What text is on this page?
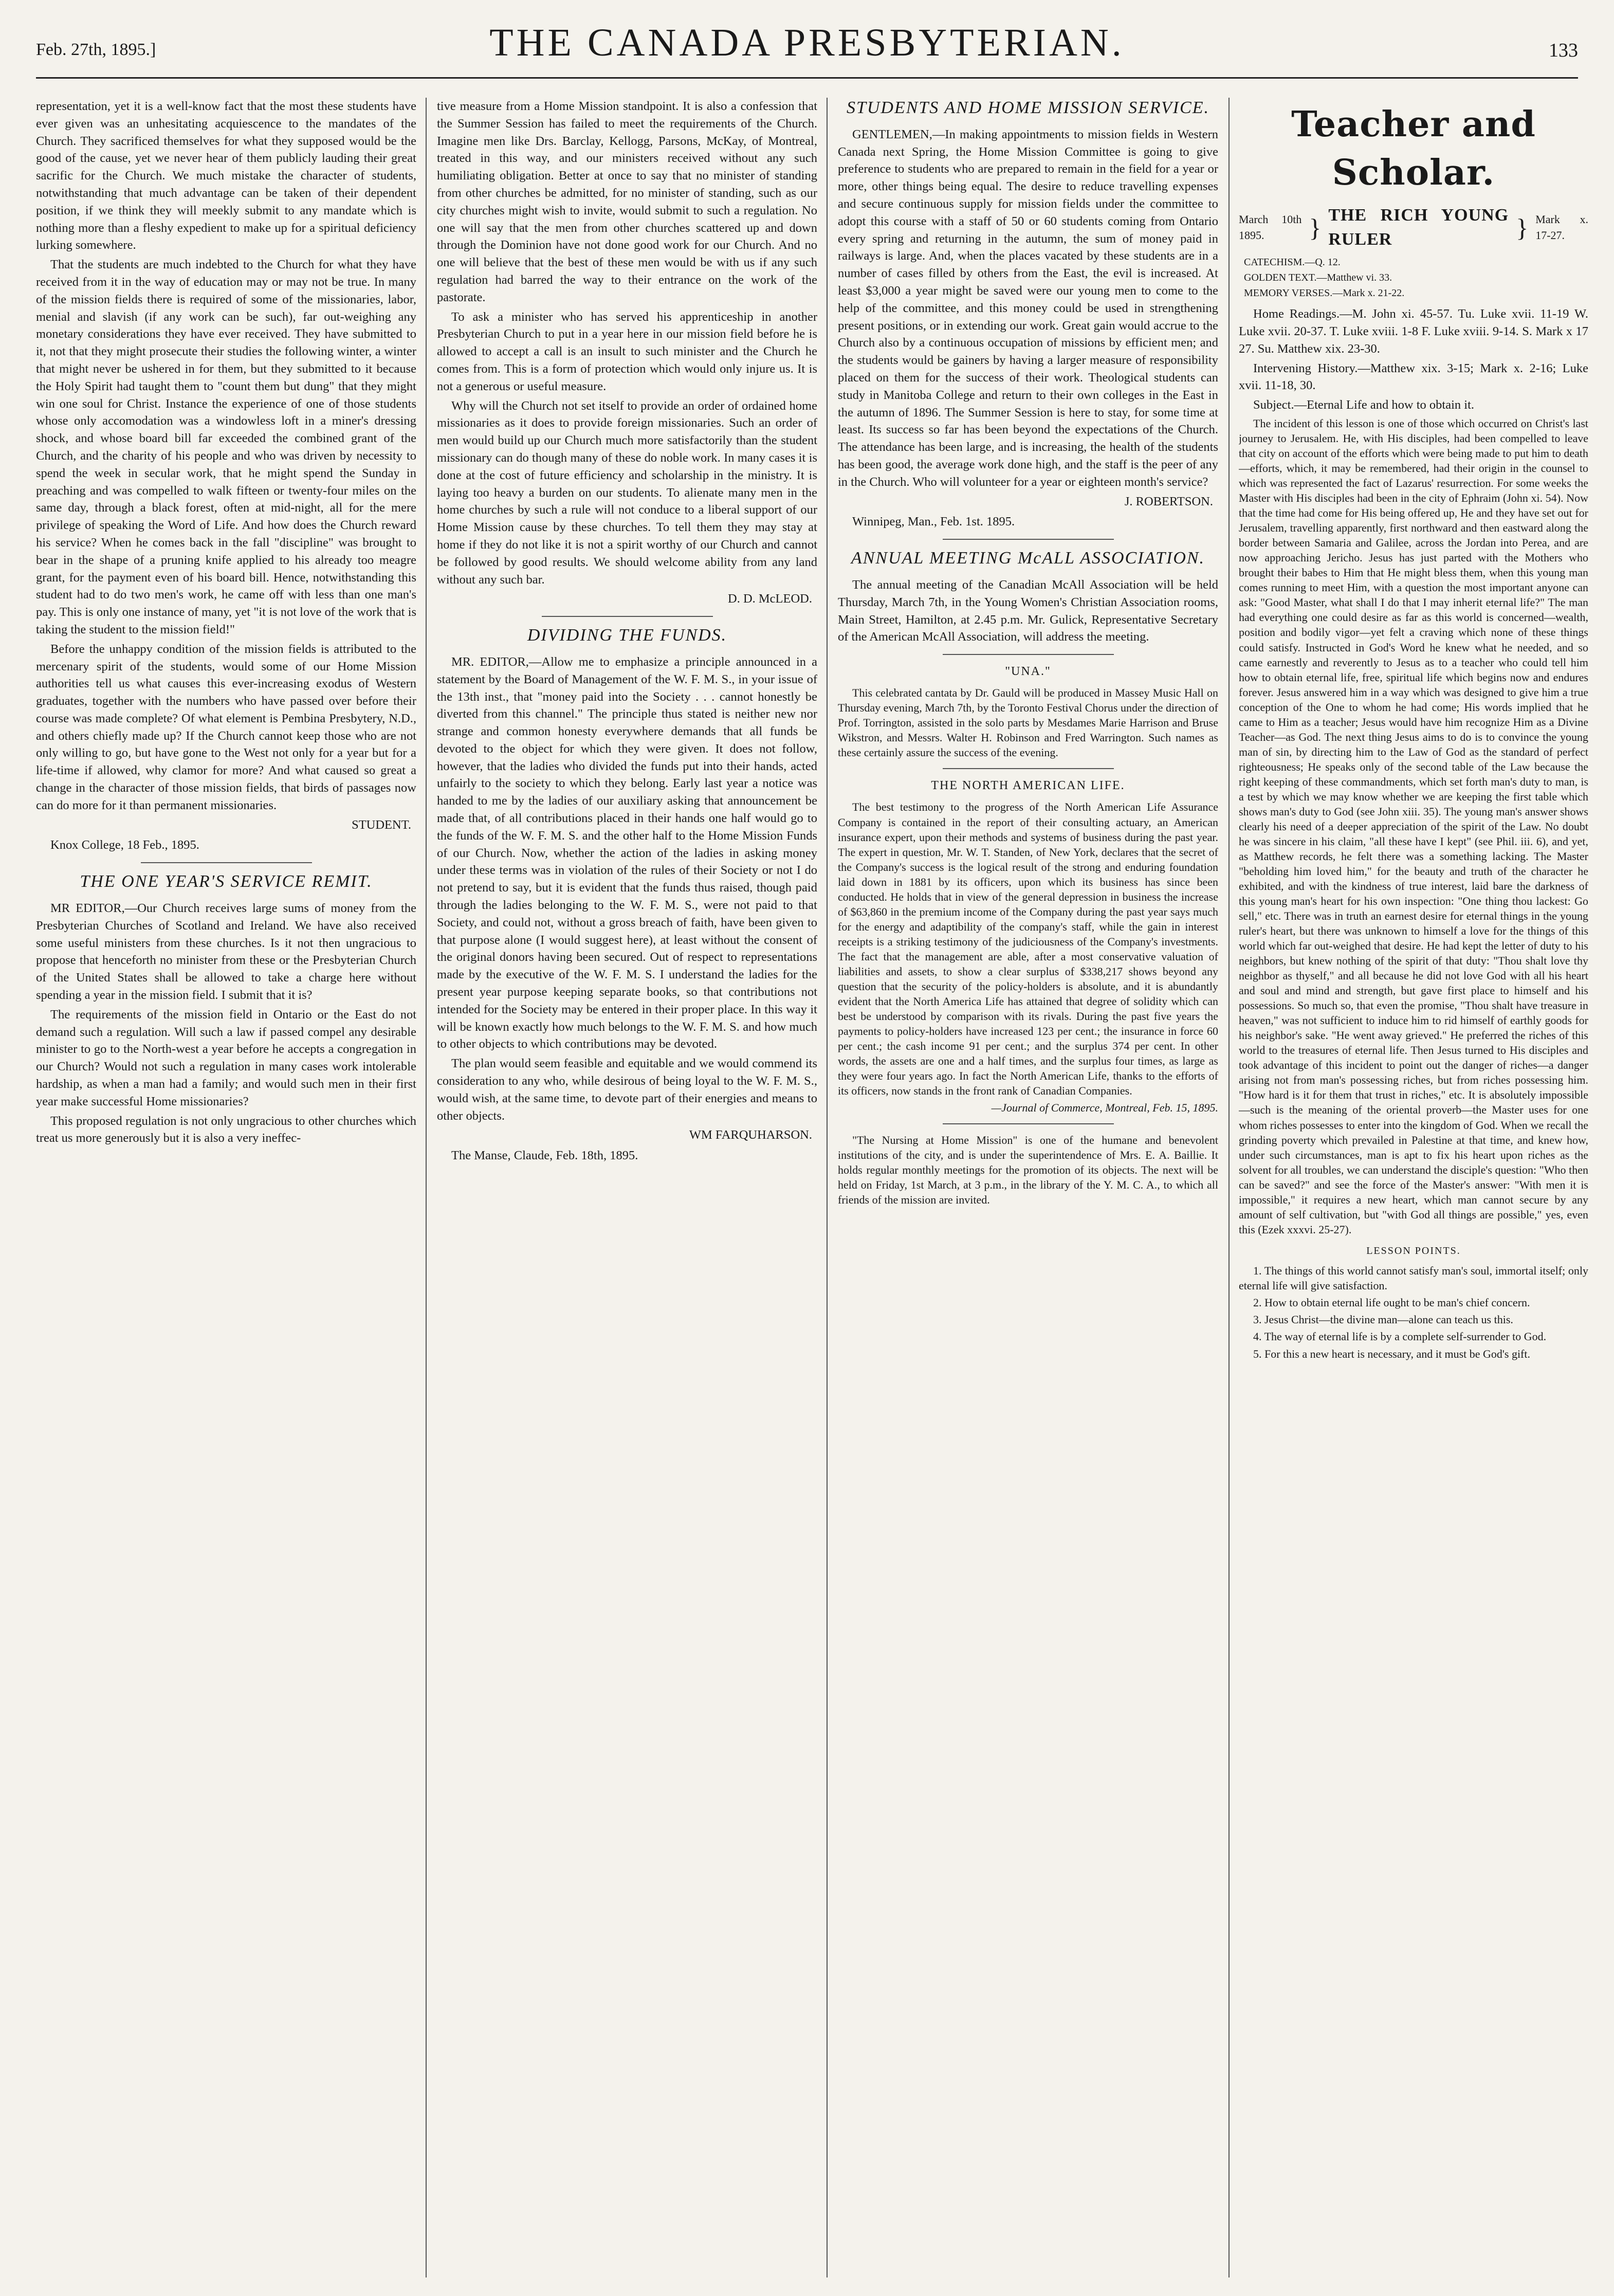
Feb. 27th, 1895.]	THE CANADA PRESBYTERIAN.	133

representation, yet it is a well-know fact that the most these students have ever given was an unhesitating acquiescence to the mandates of the Church. They sacrificed themselves for what they supposed would be the good of the cause, yet we never hear of them publicly lauding their great sacrific for the Church. We much mistake the character of students, notwithstanding that much advantage can be taken of their dependent position, if we think they will meekly submit to any mandate which is nothing more than a fleshy expedient to make up for a spiritual deficiency lurking somewhere.

That the students are much indebted to the Church for what they have received from it in the way of education may or may not be true. In many of the mission fields there is required of some of the missionaries, labor, menial and slavish (if any work can be such), far out-weighing any monetary considerations they have ever received. They have submitted to it, not that they might prosecute their studies the following winter, a winter that might never be ushered in for them, but they submitted to it because the Holy Spirit had taught them to "count them but dung" that they might win one soul for Christ. Instance the experience of one of those students whose only accomodation was a windowless loft in a miner's dressing shock, and whose board bill far exceeded the combined grant of the Church, and the charity of his people and who was driven by necessity to spend the week in secular work, that he might spend the Sunday in preaching and was compelled to walk fifteen or twenty-four miles on the same day, through a black forest, often at mid-night, all for the mere privilege of speaking the Word of Life. And how does the Church reward his service? When he comes back in the fall "discipline" was brought to bear in the shape of a pruning knife applied to his already too meagre grant, for the payment even of his board bill. Hence, notwithstanding this student had to do two men's work, he came off with less than one man's pay. This is only one instance of many, yet "it is not love of the work that is taking the student to the mission field!"

Before the unhappy condition of the mission fields is attributed to the mercenary spirit of the students, would some of our Home Mission authorities tell us what causes this ever-increasing exodus of Western graduates, together with the numbers who have passed over before their course was made complete? Of what element is Pembina Presbytery, N.D., and others chiefly made up? If the Church cannot keep those who are not only willing to go, but have gone to the West not only for a year but for a life-time if allowed, why clamor for more? And what caused so great a change in the character of those mission fields, that birds of passages now can do more for it than permanent missionaries.

STUDENT.

Knox College, 18 Feb., 1895.

THE ONE YEAR'S SERVICE REMIT.

MR EDITOR,—Our Church receives large sums of money from the Presbyterian Churches of Scotland and Ireland. We have also received some useful ministers from these churches. Is it not then ungracious to propose that henceforth no minister from these or the Presbyterian Church of the United States shall be allowed to take a charge here without spending a year in the mission field. I submit that it is?

The requirements of the mission field in Ontario or the East do not demand such a regulation. Will such a law if passed compel any desirable minister to go to the North-west a year before he accepts a congregation in our Church? Would not such a regulation in many cases work intolerable hardship, as when a man had a family; and would such men in their first year make successful Home missionaries?

This proposed regulation is not only ungracious to other churches which treat us more generously but it is also a very ineffec-

tive measure from a Home Mission standpoint. It is also a confession that the Summer Session has failed to meet the requirements of the Church. Imagine men like Drs. Barclay, Kellogg, Parsons, McKay, of Montreal, treated in this way, and our ministers received without any such humiliating obligation. Better at once to say that no minister of standing from other churches be admitted, for no minister of standing, such as our city churches might wish to invite, would submit to such a regulation. No one will say that the men from other churches scattered up and down through the Dominion have not done good work for our Church. And no one will believe that the best of these men would be with us if any such regulation had barred the way to their entrance on the work of the pastorate.

To ask a minister who has served his apprenticeship in another Presbyterian Church to put in a year here in our mission field before he is allowed to accept a call is an insult to such minister and the Church he comes from. This is a form of protection which would only injure us. It is not a generous or useful measure.

Why will the Church not set itself to provide an order of ordained home missionaries as it does to provide foreign missionaries. Such an order of men would build up our Church much more satisfactorily than the student missionary can do though many of these do noble work. In many cases it is done at the cost of future efficiency and scholarship in the ministry. It is laying too heavy a burden on our students. To alienate many men in the home churches by such a rule will not conduce to a liberal support of our Home Mission cause by these churches. To tell them they may stay at home if they do not like it is not a spirit worthy of our Church and cannot be followed by good results. We should welcome ability from any land without any such bar.

D. D. McLEOD.
DIVIDING THE FUNDS.

MR. EDITOR,—Allow me to emphasize a principle announced in a statement by the Board of Management of the W. F. M. S., in your issue of the 13th inst., that "money paid into the Society . . . cannot honestly be diverted from this channel." The principle thus stated is neither new nor strange and common honesty everywhere demands that all funds be devoted to the object for which they were given. It does not follow, however, that the ladies who divided the funds put into their hands, acted unfairly to the society to which they belong. Early last year a notice was handed to me by the ladies of our auxiliary asking that announcement be made that, of all contributions placed in their hands one half would go to the funds of the W. F. M. S. and the other half to the Home Mission Funds of our Church. Now, whether the action of the ladies in asking money under these terms was in violation of the rules of their Society or not I do not pretend to say, but it is evident that the funds thus raised, though paid through the ladies belonging to the W. F. M. S., were not paid to that Society, and could not, without a gross breach of faith, have been given to that purpose alone (I would suggest here), at least without the consent of the original donors having been secured. Out of respect to representations made by the executive of the W. F. M. S. I understand the ladies for the present year purpose keeping separate books, so that contributions not intended for the Society may be entered in their proper place. In this way it will be known exactly how much belongs to the W. F. M. S. and how much to other objects to which contributions may be devoted.

The plan would seem feasible and equitable and we would commend its consideration to any who, while desirous of being loyal to the W. F. M. S., would wish, at the same time, to devote part of their energies and means to other objects.

WM FARQUHARSON.

The Manse, Claude, Feb. 18th, 1895.

STUDENTS AND HOME MISSION SERVICE.

GENTLEMEN,—In making appointments to mission fields in Western Canada next Spring, the Home Mission Committee is going to give preference to students who are prepared to remain in the field for a year or more, other things being equal. The desire to reduce travelling expenses and secure continuous supply for mission fields under the committee to adopt this course with a staff of 50 or 60 students coming from Ontario every spring and returning in the autumn, the sum of money paid in railways is large. And, when the places vacated by these students are in a number of cases filled by others from the East, the evil is increased. At least $3,000 a year might be saved were our young men to come to the help of the committee, and this money could be used in strengthening present positions, or in extending our work. Great gain would accrue to the Church also by a continuous occupation of missions by efficient men; and the students would be gainers by having a larger measure of responsibility placed on them for the success of their work. Theological students can study in Manitoba College and return to their own colleges in the East in the autumn of 1896. The Summer Session is here to stay, for some time at least. Its success so far has been beyond the expectations of the Church. The attendance has been large, and is increasing, the health of the students has been good, the average work done high, and the staff is the peer of any in the Church. Who will volunteer for a year or eighteen month's service?

J. ROBERTSON.

Winnipeg, Man., Feb. 1st. 1895.

ANNUAL MEETING McALL ASSOCIATION.

The annual meeting of the Canadian McAll Association will be held Thursday, March 7th, in the Young Women's Christian Association rooms, Main Street, Hamilton, at 2.45 p.m. Mr. Gulick, Representative Secretary of the American McAll Association, will address the meeting.

"UNA."

This celebrated cantata by Dr. Gauld will be produced in Massey Music Hall on Thursday evening, March 7th, by the Toronto Festival Chorus under the direction of Prof. Torrington, assisted in the solo parts by Mesdames Marie Harrison and Bruse Wikstron, and Messrs. Walter H. Robinson and Fred Warrington. Such names as these certainly assure the success of the evening.

THE NORTH AMERICAN LIFE.

The best testimony to the progress of the North American Life Assurance Company is contained in the report of their consulting actuary, an American insurance expert, upon their methods and systems of business during the past year. The expert in question, Mr. W. T. Standen, of New York, declares that the secret of the Company's success is the logical result of the strong and enduring foundation laid down in 1881 by its officers, upon which its business has since been conducted. He holds that in view of the general depression in business the increase of $63,860 in the premium income of the Company during the past year says much for the energy and adaptibility of the company's staff, while the gain in interest receipts is a striking testimony of the judiciousness of the Company's investments. The fact that the management are able, after a most conservative valuation of liabilities and assets, to show a clear surplus of $338,217 shows beyond any question that the security of the policy-holders is absolute, and it is abundantly evident that the North America Life has attained that degree of solidity which can best be understood by comparison with its rivals. During the past five years the payments to policy-holders have increased 123 per cent.; the insurance in force 60 per cent.; the cash income 91 per cent.; and the surplus 374 per cent. In other words, the assets are one and a half times, and the surplus four times, as large as they were four years ago. In fact the North American Life, thanks to the efforts of its officers, now stands in the front rank of Canadian Companies.

—Journal of Commerce, Montreal, Feb. 15, 1895.

"The Nursing at Home Mission" is one of the humane and benevolent institutions of the city, and is under the superintendence of Mrs. E. A. Baillie. It holds regular monthly meetings for the promotion of its objects. The next will be held on Friday, 1st March, at 3 p.m., in the library of the Y. M. C. A., to which all friends of the mission are invited.

Teacher and Scholar.
March 10th 1895.	} THE RICH YOUNG RULER	} Mark x. 17-27.
CATECHISM.—Q. 12.
GOLDEN TEXT.—Matthew vi. 33.
MEMORY VERSES.—Mark x. 21-22.

Home Readings.—M. John xi. 45-57. Tu. Luke xvii. 11-19 W. Luke xvii. 20-37. T. Luke xviii. 1-8 F. Luke xviii. 9-14. S. Mark x 17 27. Su. Matthew xix. 23-30.

Intervening History.—Matthew xix. 3-15; Mark x. 2-16; Luke xvii. 11-18, 30.

Subject.—Eternal Life and how to obtain it.

The incident of this lesson is one of those which occurred on Christ's last journey to Jerusalem. He, with His disciples, had been compelled to leave that city on account of the efforts which were being made to put him to death—efforts, which, it may be remembered, had their origin in the counsel to which was represented the fact of Lazarus' resurrection. For some weeks the Master with His disciples had been in the city of Ephraim (John xi. 54). Now that the time had come for His being offered up, He and they have set out for Jerusalem, travelling apparently, first northward and then eastward along the border between Samaria and Galilee, across the Jordan into Perea, and are now approaching Jericho. Jesus has just parted with the Mothers who brought their babes to Him that He might bless them, when this young man comes running to meet Him, with a question the most important anyone can ask: "Good Master, what shall I do that I may inherit eternal life?" The man had everything one could desire as far as this world is concerned—wealth, position and bodily vigor—yet felt a craving which none of these things could satisfy. Instructed in God's Word he knew what he needed, and so came earnestly and reverently to Jesus as to a teacher who could tell him how to obtain eternal life, free, spiritual life which begins now and endures forever. Jesus answered him in a way which was designed to give him a true conception of the One to whom he had come; His words implied that he came to Him as a teacher; Jesus would have him recognize Him as a Divine Teacher—as God. The next thing Jesus aims to do is to convince the young man of sin, by directing him to the Law of God as the standard of perfect righteousness; He speaks only of the second table of the Law because the right keeping of these commandments, which set forth man's duty to man, is a test by which we may know whether we are keeping the first table which shows man's duty to God (see John xiii. 35). The young man's answer shows clearly his need of a deeper appreciation of the spirit of the Law. No doubt he was sincere in his claim, "all these have I kept" (see Phil. iii. 6), and yet, as Matthew records, he felt there was a something lacking. The Master "beholding him loved him," for the beauty and truth of the character he exhibited, and with the kindness of true interest, laid bare the darkness of this young man's heart for his own inspection: "One thing thou lackest: Go sell," etc. There was in truth an earnest desire for eternal things in the young ruler's heart, but there was unknown to himself a love for the things of this world which far out-weighed that desire. He had kept the letter of duty to his neighbors, but knew nothing of the spirit of that duty: "Thou shalt love thy neighbor as thyself," and all because he did not love God with all his heart and soul and mind and strength, but gave first place to himself and his possessions. So much so, that even the promise, "Thou shalt have treasure in heaven," was not sufficient to induce him to rid himself of earthly goods for his neighbor's sake. "He went away grieved." He preferred the riches of this world to the treasures of eternal life. Then Jesus turned to His disciples and took advantage of this incident to point out the danger of riches—a danger arising not from man's possessing riches, but from riches possessing him. "How hard is it for them that trust in riches," etc. It is absolutely impossible—such is the meaning of the oriental proverb—the Master uses for one whom riches possesses to enter into the kingdom of God. When we recall the grinding poverty which prevailed in Palestine at that time, and knew how, under such circumstances, man is apt to fix his heart upon riches as the solvent for all troubles, we can understand the disciple's question: "Who then can be saved?" and see the force of the Master's answer: "With men it is impossible," it requires a new heart, which man cannot secure by any amount of self cultivation, but "with God all things are possible," yes, even this (Ezek xxxvi. 25-27).

LESSON POINTS.

1. The things of this world cannot satisfy man's soul, immortal itself; only eternal life will give satisfaction.

2. How to obtain eternal life ought to be man's chief concern.

3. Jesus Christ—the divine man—alone can teach us this.

4. The way of eternal life is by a complete self-surrender to God.

5. For this a new heart is necessary, and it must be God's gift.
